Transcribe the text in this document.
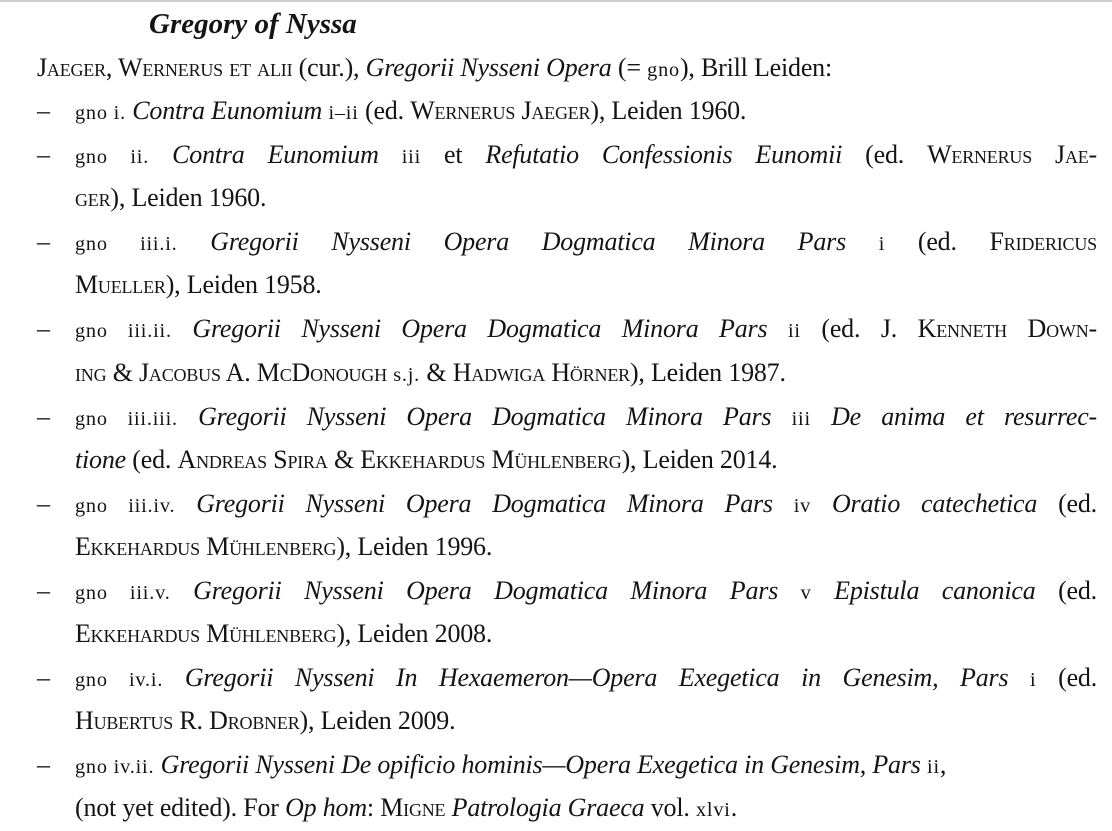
Gregory of Nyssa
Jaeger, Wernerus et alii (cur.), Gregorii Nysseni Opera (= gno), Brill Leiden:
– gno i. Contra Eunomium i–ii (ed. Wernerus Jaeger), Leiden 1960.
– gno ii. Contra Eunomium iii et Refutatio Confessionis Eunomii (ed. Wernerus Jae-
ger), Leiden 1960.
– gno iii.i. Gregorii Nysseni Opera Dogmatica Minora Pars i (ed. Fridericus
Mueller), Leiden 1958.
– gno iii.ii. Gregorii Nysseni Opera Dogmatica Minora Pars ii (ed. J. Kenneth Down-
ing & Jacobus A. McDonough s.j. & Hadwiga Hörner), Leiden 1987.
– gno iii.iii. Gregorii Nysseni Opera Dogmatica Minora Pars iii De anima et resurrec-
tione (ed. Andreas Spira & Ekkehardus Mühlenberg), Leiden 2014.
– gno iii.iv. Gregorii Nysseni Opera Dogmatica Minora Pars iv Oratio catechetica (ed.
Ekkehardus Mühlenberg), Leiden 1996.
– gno iii.v. Gregorii Nysseni Opera Dogmatica Minora Pars v Epistula canonica (ed.
Ekkehardus Mühlenberg), Leiden 2008.
– gno iv.i. Gregorii Nysseni In Hexaemeron—Opera Exegetica in Genesim, Pars i (ed.
Hubertus R. Drobner), Leiden 2009.
– gno iv.ii. Gregorii Nysseni De opificio hominis—Opera Exegetica in Genesim, Pars ii,
(not yet edited). For Op hom: Migne Patrologia Graeca vol. xlvi.
